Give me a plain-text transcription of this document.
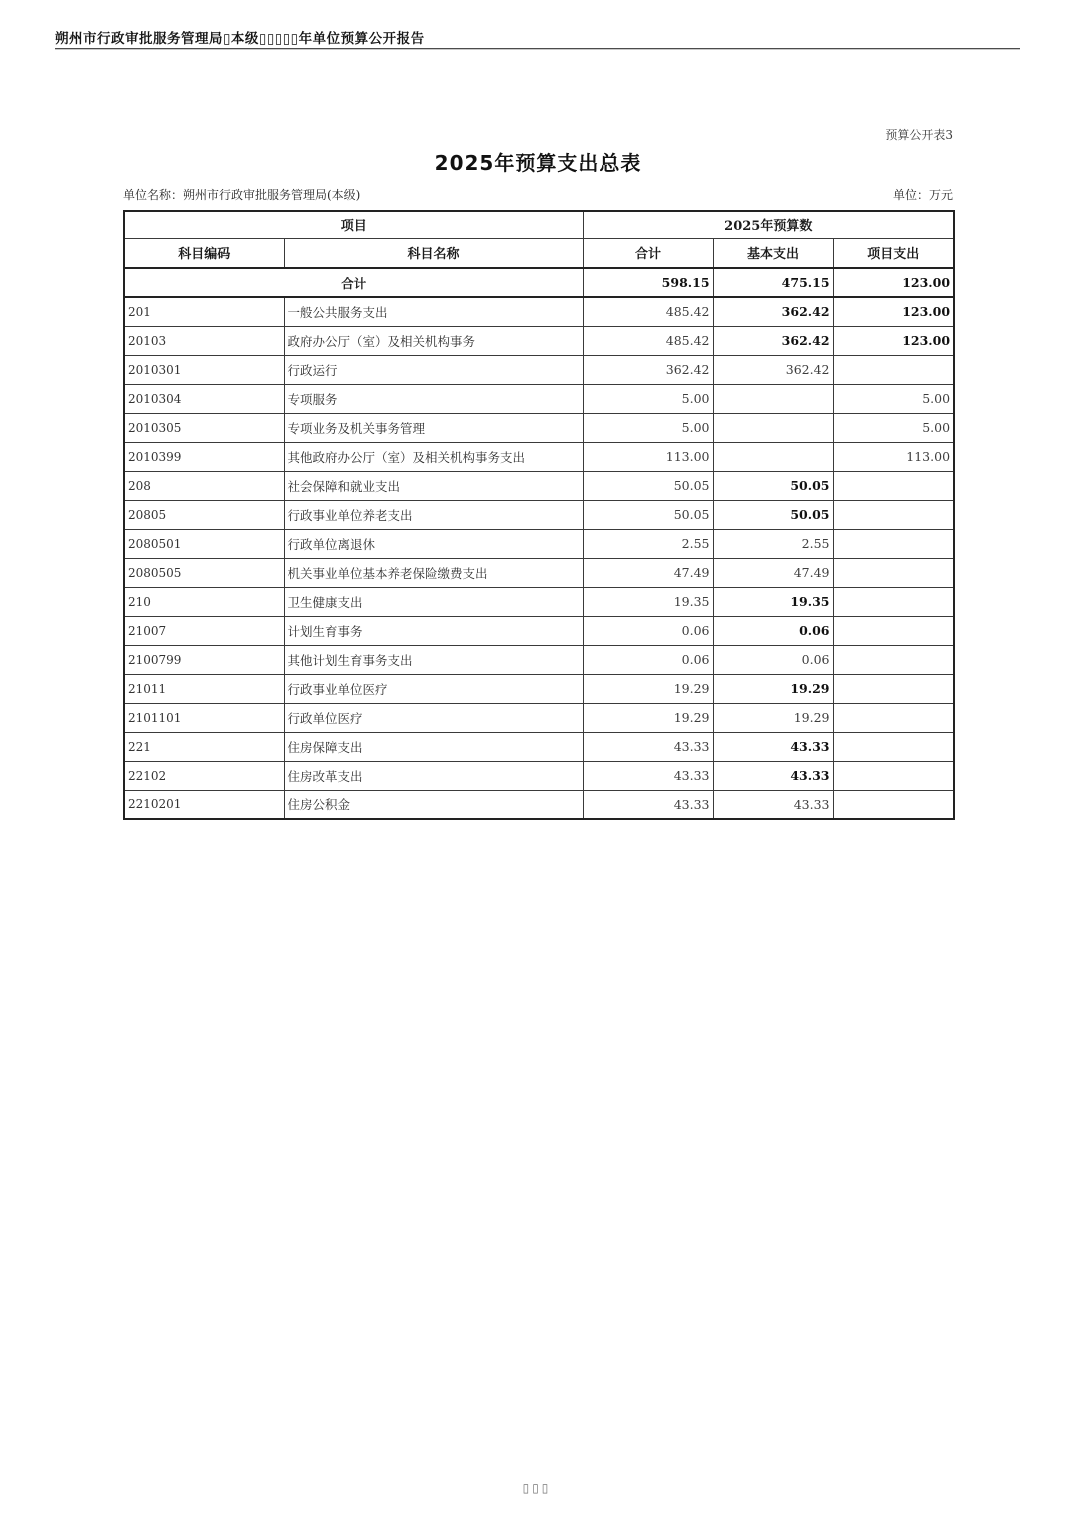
朔州市行政审批服务管理局▯本级▯▯▯▯▯年单位预算公开报告
预算公开表3
2025年预算支出总表
单位名称：朔州市行政审批服务管理局(本级)	单位：万元
项目		2025年预算数		
科目编码	科目名称	合计	基本支出	项目支出
合计		598.15	475.15	123.00
201	一般公共服务支出	485.42	362.42	123.00
20103	政府办公厅（室）及相关机构事务	485.42	362.42	123.00
2010301	行政运行	362.42	362.42	
2010304	专项服务	5.00		5.00
2010305	专项业务及机关事务管理	5.00		5.00
2010399	其他政府办公厅（室）及相关机构事务支出	113.00		113.00
208	社会保障和就业支出	50.05	50.05	
20805	行政事业单位养老支出	50.05	50.05	
2080501	行政单位离退休	2.55	2.55	
2080505	机关事业单位基本养老保险缴费支出	47.49	47.49	
210	卫生健康支出	19.35	19.35	
21007	计划生育事务	0.06	0.06	
2100799	其他计划生育事务支出	0.06	0.06	
21011	行政事业单位医疗	19.29	19.29	
2101101	行政单位医疗	19.29	19.29	
221	住房保障支出	43.33	43.33	
22102	住房改革支出	43.33	43.33	
2210201	住房公积金	43.33	43.33	
▯▯▯
